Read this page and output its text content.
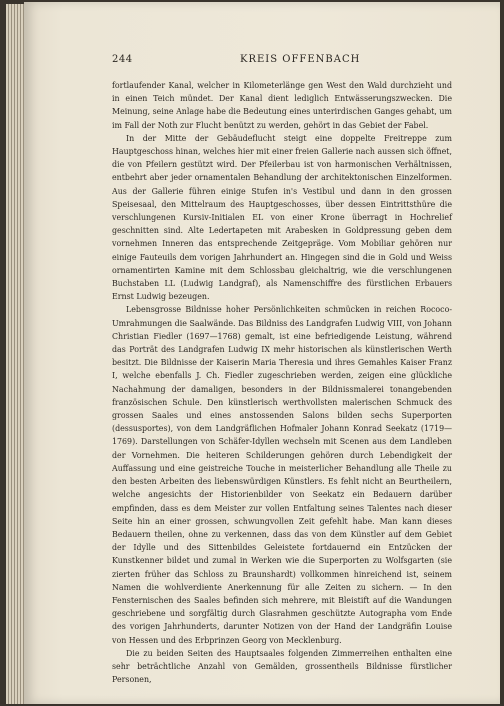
244	KREIS OFFENBACH

fortlaufender Kanal, welcher in Kilometerlänge gen West den Wald durchzieht und in einen Teich mündet. Der Kanal dient lediglich Entwässerungszwecken. Die Meinung, seine Anlage habe die Bedeutung eines unterirdischen Ganges gehabt, um im Fall der Noth zur Flucht benützt zu werden, gehört in das Gebiet der Fabel.

In der Mitte der Gebäudeflucht steigt eine doppelte Freitreppe zum Hauptgeschoss hinan, welches hier mit einer freien Gallerie nach aussen sich öffnet, die von Pfeilern gestützt wird. Der Pfeilerbau ist von harmonischen Verhältnissen, entbehrt aber jeder ornamentalen Behandlung der architektonischen Einzelformen. Aus der Gallerie führen einige Stufen in's Vestibul und dann in den grossen Speisesaal, den Mittelraum des Hauptgeschosses, über dessen Eintrittsthüre die verschlungenen Kursiv-Initialen EL von einer Krone überragt in Hochrelief geschnitten sind. Alte Ledertapeten mit Arabesken in Goldpressung geben dem vornehmen Inneren das entsprechende Zeitgepräge. Vom Mobiliar gehören nur einige Fauteuils dem vorigen Jahrhundert an. Hingegen sind die in Gold und Weiss ornamentirten Kamine mit dem Schlossbau gleichaltrig, wie die verschlungenen Buchstaben LL (Ludwig Landgraf), als Namenschiffre des fürstlichen Erbauers Ernst Ludwig bezeugen.

Lebensgrosse Bildnisse hoher Persönlichkeiten schmücken in reichen Rococo-Umrahmungen die Saalwände. Das Bildniss des Landgrafen Ludwig VIII, von Johann Christian Fiedler (1697—1768) gemalt, ist eine befriedigende Leistung, während das Porträt des Landgrafen Ludwig IX mehr historischen als künstlerischen Werth besitzt. Die Bildnisse der Kaiserin Maria Theresia und ihres Gemahles Kaiser Franz I, welche ebenfalls J. Ch. Fiedler zugeschrieben werden, zeigen eine glückliche Nachahmung der damaligen, besonders in der Bildnissmalerei tonangebenden französischen Schule. Den künstlerisch werthvollsten malerischen Schmuck des grossen Saales und eines anstossenden Salons bilden sechs Superporten (dessusportes), von dem Landgräflichen Hofmaler Johann Konrad Seekatz (1719—1769). Darstellungen von Schäfer-Idyllen wechseln mit Scenen aus dem Landleben der Vornehmen. Die heiteren Schilderungen gehören durch Lebendigkeit der Auffassung und eine geistreiche Touche in meisterlicher Behandlung alle Theile zu den besten Arbeiten des liebenswürdigen Künstlers. Es fehlt nicht an Beurtheilern, welche angesichts der Historienbilder von Seekatz ein Bedauern darüber empfinden, dass es dem Meister zur vollen Entfaltung seines Talentes nach dieser Seite hin an einer grossen, schwungvollen Zeit gefehlt habe. Man kann dieses Bedauern theilen, ohne zu verkennen, dass das von dem Künstler auf dem Gebiet der Idylle und des Sittenbildes Geleistete fortdauernd ein Entzücken der Kunstkenner bildet und zumal in Werken wie die Superporten zu Wolfsgarten (sie zierten früher das Schloss zu Braunshardt) vollkommen hinreichend ist, seinem Namen die wohlverdiente Anerkennung für alle Zeiten zu sichern. — In den Fensternischen des Saales befinden sich mehrere, mit Bleistift auf die Wandungen geschriebene und sorgfältig durch Glasrahmen geschützte Autographa vom Ende des vorigen Jahrhunderts, darunter Notizen von der Hand der Landgräfin Louise von Hessen und des Erbprinzen Georg von Mecklenburg.

Die zu beiden Seiten des Hauptsaales folgenden Zimmerreihen enthalten eine sehr beträchtliche Anzahl von Gemälden, grossentheils Bildnisse fürstlicher Personen,
